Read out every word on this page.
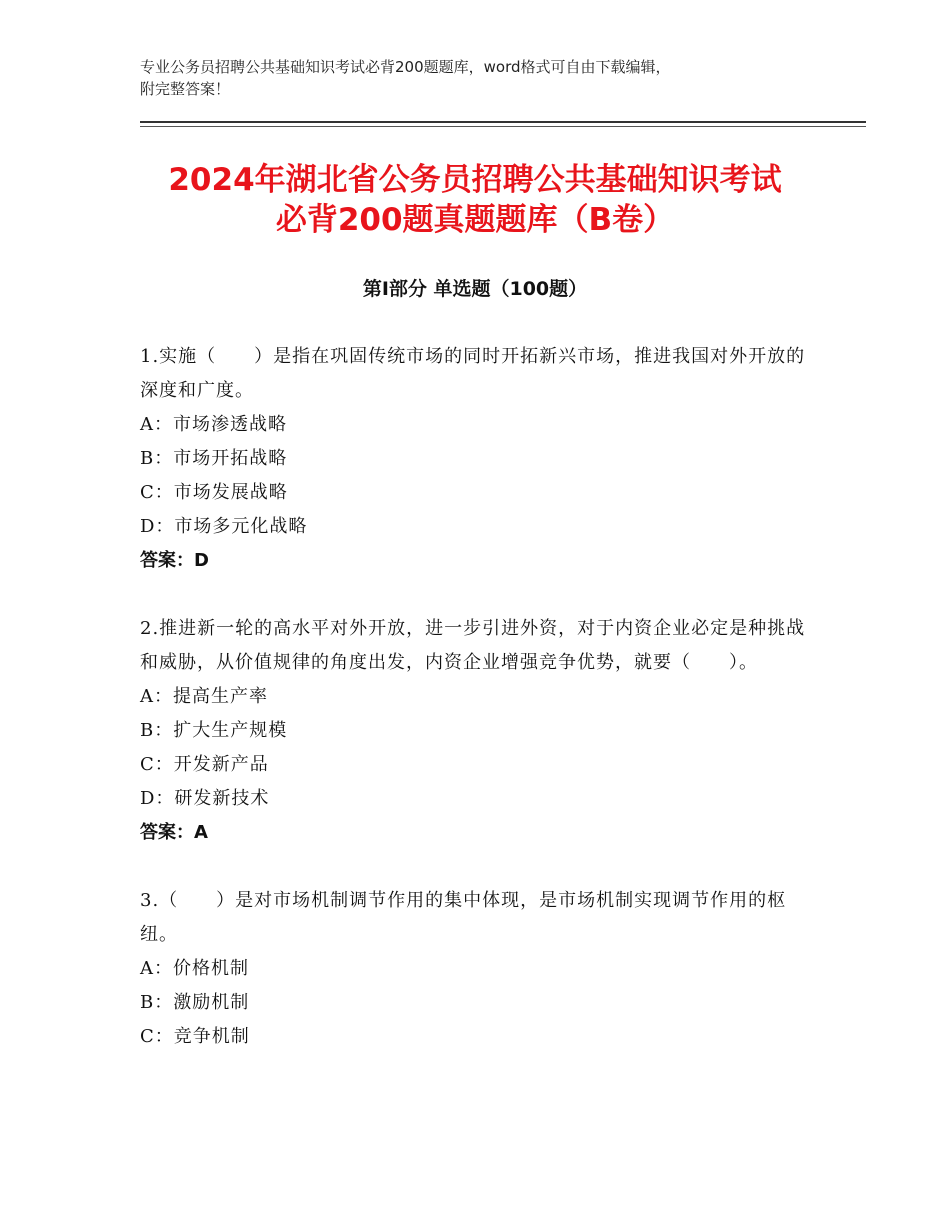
专业公务员招聘公共基础知识考试必背200题题库，word格式可自由下载编辑，
附完整答案！
2024年湖北省公务员招聘公共基础知识考试
必背200题真题题库（B卷）
第Ⅰ部分 单选题（100题）
1.实施（　　）是指在巩固传统市场的同时开拓新兴市场，推进我国对外开放的深度和广度。
A：市场渗透战略
B：市场开拓战略
C：市场发展战略
D：市场多元化战略
答案：D
2.推进新一轮的高水平对外开放，进一步引进外资，对于内资企业必定是种挑战和威胁，从价值规律的角度出发，内资企业增强竞争优势，就要（　　）。
A：提高生产率
B：扩大生产规模
C：开发新产品
D：研发新技术
答案：A
3.（　　）是对市场机制调节作用的集中体现，是市场机制实现调节作用的枢纽。
A：价格机制
B：激励机制
C：竞争机制
